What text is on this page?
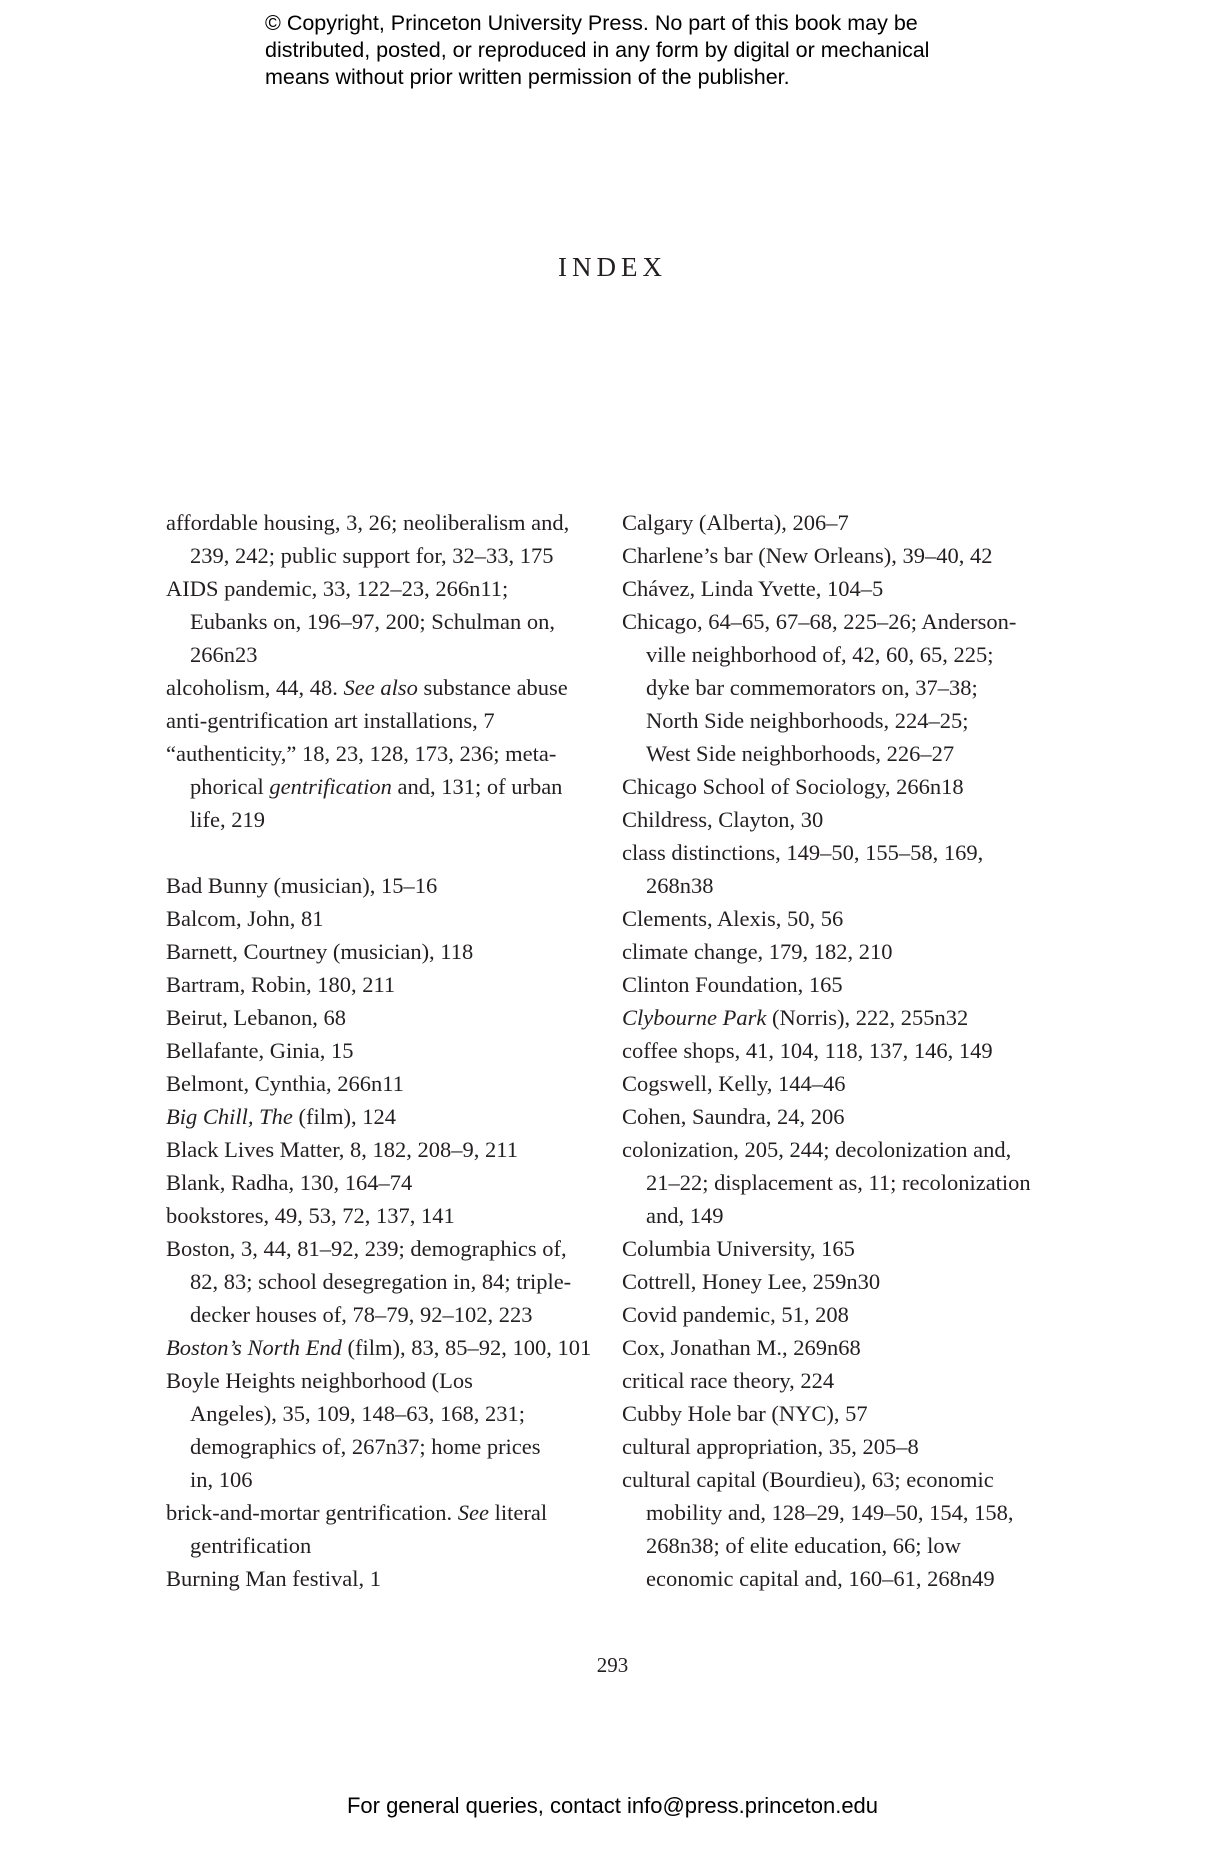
© Copyright, Princeton University Press. No part of this book may be
distributed, posted, or reproduced in any form by digital or mechanical
means without prior written permission of the publisher.
INDEX
affordable housing, 3, 26; neoliberalism and,
239, 242; public support for, 32–33, 175
AIDS pandemic, 33, 122–23, 266n11;
Eubanks on, 196–97, 200; Schulman on,
266n23
alcoholism, 44, 48. See also substance abuse
anti-gentrification art installations, 7
“authenticity,” 18, 23, 128, 173, 236; meta-
phorical gentrification and, 131; of urban
life, 219
Bad Bunny (musician), 15–16
Balcom, John, 81
Barnett, Courtney (musician), 118
Bartram, Robin, 180, 211
Beirut, Lebanon, 68
Bellafante, Ginia, 15
Belmont, Cynthia, 266n11
Big Chill, The (film), 124
Black Lives Matter, 8, 182, 208–9, 211
Blank, Radha, 130, 164–74
bookstores, 49, 53, 72, 137, 141
Boston, 3, 44, 81–92, 239; demographics of,
82, 83; school desegregation in, 84; triple-
decker houses of, 78–79, 92–102, 223
Boston’s North End (film), 83, 85–92, 100, 101
Boyle Heights neighborhood (Los
Angeles), 35, 109, 148–63, 168, 231;
demographics of, 267n37; home prices
in, 106
brick-and-mortar gentrification. See literal
gentrification
Burning Man festival, 1
Calgary (Alberta), 206–7
Charlene’s bar (New Orleans), 39–40, 42
Chávez, Linda Yvette, 104–5
Chicago, 64–65, 67–68, 225–26; Anderson-
ville neighborhood of, 42, 60, 65, 225;
dyke bar commemorators on, 37–38;
North Side neighborhoods, 224–25;
West Side neighborhoods, 226–27
Chicago School of Sociology, 266n18
Childress, Clayton, 30
class distinctions, 149–50, 155–58, 169,
268n38
Clements, Alexis, 50, 56
climate change, 179, 182, 210
Clinton Foundation, 165
Clybourne Park (Norris), 222, 255n32
coffee shops, 41, 104, 118, 137, 146, 149
Cogswell, Kelly, 144–46
Cohen, Saundra, 24, 206
colonization, 205, 244; decolonization and,
21–22; displacement as, 11; recolonization
and, 149
Columbia University, 165
Cottrell, Honey Lee, 259n30
Covid pandemic, 51, 208
Cox, Jonathan M., 269n68
critical race theory, 224
Cubby Hole bar (NYC), 57
cultural appropriation, 35, 205–8
cultural capital (Bourdieu), 63; economic
mobility and, 128–29, 149–50, 154, 158,
268n38; of elite education, 66; low
economic capital and, 160–61, 268n49
293
For general queries, contact info@press.princeton.edu
